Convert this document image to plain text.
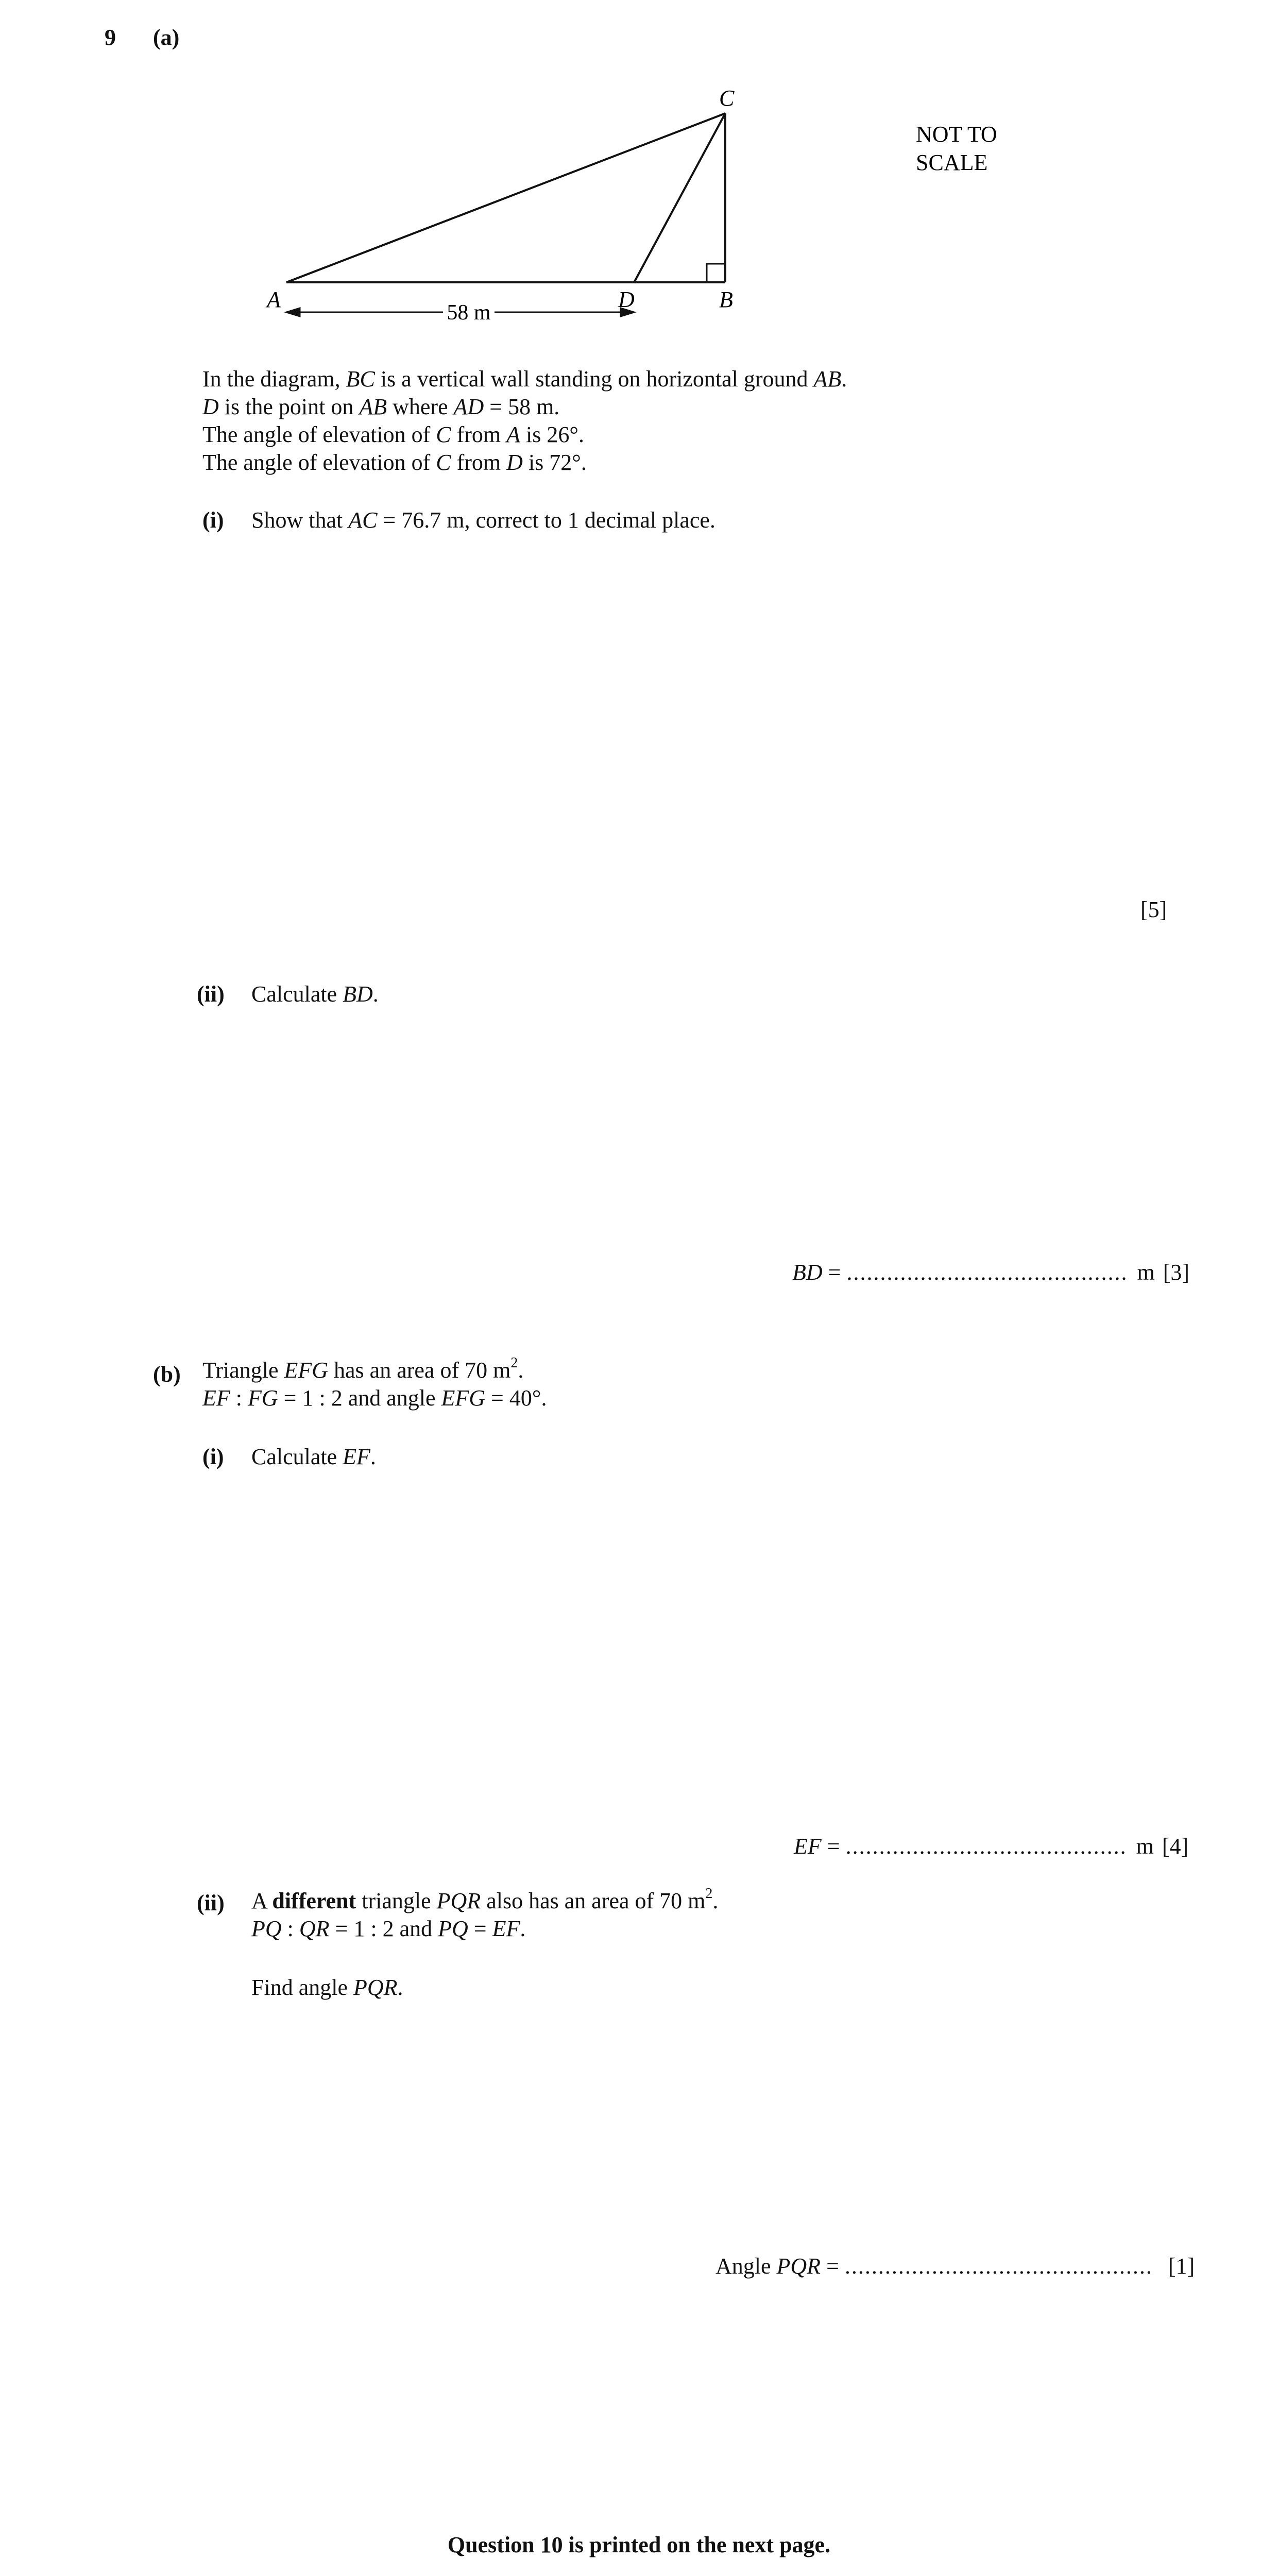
9 (a)
58 m
A	B
C
D
NOT TO
SCALE
In the diagram, BC is a vertical wall standing on horizontal ground AB.
D is the point on AB where AD = 58 m.
The angle of elevation of C from A is 26°.
The angle of elevation of C from D is 72°.
(i) Show that AC = 76.7 m, correct to 1 decimal place.
[5]
(ii) Calculate BD.
BD = .......................................... m [3]
(b) Triangle EFG has an area of 70 $m^2$.
EF : FG = 1 : 2 and angle EFG = 40°.
(i) Calculate EF.
EF = .......................................... m [4]
(ii) A different triangle PQR also has an area of 70 $m^2$.
PQ : QR = 1 : 2 and PQ = EF.
Find angle PQR.
Angle PQR = .............................................. [1]
Question 10 is printed on the next page.
